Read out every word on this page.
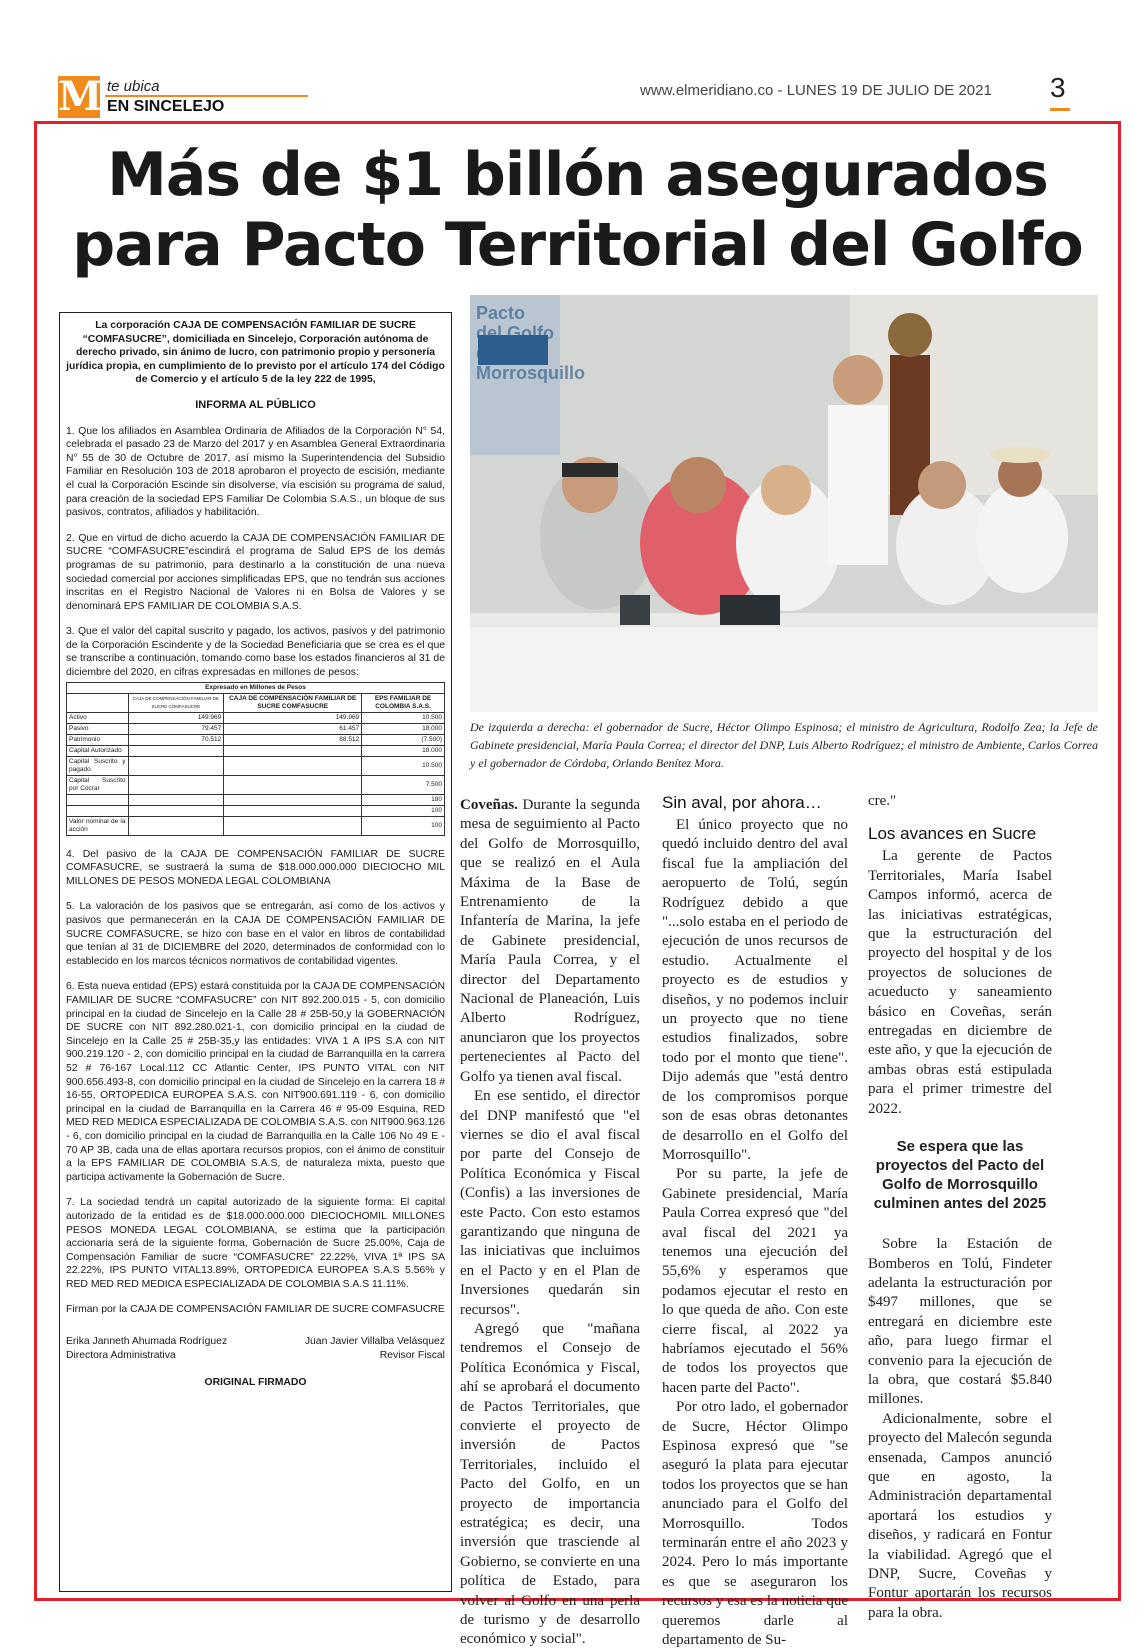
M te ubica
EN SINCELEJO
www.elmeridiano.co - LUNES 19 DE JULIO DE 2021 3
Más de $1 billón asegurados
para Pacto Territorial del Golfo

La corporación CAJA DE COMPENSACIÓN FAMILIAR DE SUCRE “COMFASUCRE”, domiciliada en Sincelejo, Corporación autónoma de derecho privado, sin ánimo de lucro, con patrimonio propio y personería jurídica propia, en cumplimiento de lo previsto por el artículo 174 del Código de Comercio y el artículo 5 de la ley 222 de 1995,

INFORMA AL PÚBLICO

1. Que los afiliados en Asamblea Ordinaria de Afiliados de la Corporación N° 54, celebrada el pasado 23 de Marzo del 2017 y en Asamblea General Extraordinaria N° 55 de 30 de Octubre de 2017, así mismo la Superintendencia del Subsidio Familiar en Resolución 103 de 2018 aprobaron el proyecto de escisión, mediante el cual la Corporación Escinde sin disolverse, vía escisión su programa de salud, para creación de la sociedad EPS Familiar De Colombia S.A.S., un bloque de sus pasivos, contratos, afiliados y habilitación.

2. Que en virtud de dicho acuerdo la CAJA DE COMPENSACIÓN FAMILIAR DE SUCRE “COMFASUCRE”escindirá el programa de Salud EPS de los demás programas de su patrimonio, para destinarlo a la constitución de una nueva sociedad comercial por acciones simplificadas EPS, que no tendrán sus acciones inscritas en el Registro Nacional de Valores ni en Bolsa de Valores y se denominará EPS FAMILIAR DE COLOMBIA S.A.S.

3. Que el valor del capital suscrito y pagado, los activos, pasivos y del patrimonio de la Corporación Escindente y de la Sociedad Beneficiaria que se crea es el que se transcribe a continuación, tomando como base los estados financieros al 31 de diciembre del 2020, en cifras expresadas en millones de pesos:

Expresado en Millones de Pesos			
	CAJA DE COMPENSACIÓN FAMILIAR DE SUCRE COMFASUCRE	CAJA DE COMPENSACIÓN FAMILIAR DE SUCRE COMFASUCRE	EPS FAMILIAR DE COLOMBIA S.A.S.
Activo	149.969	149.969	10.500
Pasivo	79.457	61.457	18.000
Patrimonio	70.512	88.512	(7.500)
Capital Autorizado			18.000
Capital Suscrito y pagado			10.500
Capital Suscrito por Cocrar			7.500
			180
			100
Valor nominal de la acción			100

4. Del pasivo de la CAJA DE COMPENSACIÓN FAMILIAR DE SUCRE COMFASUCRE, se sustraerá la suma de $18.000.000.000 DIECIOCHO MIL MILLONES DE PESOS MONEDA LEGAL COLOMBIANA

5. La valoración de los pasivos que se entregarán, así como de los activos y pasivos que permanecerán en la CAJA DE COMPENSACIÓN FAMILIAR DE SUCRE COMFASUCRE, se hizo con base en el valor en libros de contabilidad que tenían al 31 de DICIEMBRE del 2020, determinados de conformidad con lo establecido en los marcos técnicos normativos de contabilidad vigentes.

6. Esta nueva entidad (EPS) estará constituida por la CAJA DE COMPENSACIÓN FAMILIAR DE SUCRE “COMFASUCRE” con NIT 892.200.015 - 5, con domicilio principal en la ciudad de Sincelejo en la Calle 28 # 25B-50,y la GOBERNACIÓN DE SUCRE con NIT 892.280.021-1, con domicilio principal en la ciudad de Sincelejo en la Calle 25 # 25B-35,y las entidades: VIVA 1 A IPS S.A con NIT 900.219.120 - 2, con domicilio principal en la ciudad de Barranquilla en la carrera 52 # 76-167 Local.112 CC Atlantic Center, IPS PUNTO VITAL con NIT 900.656.493-8, con domicilio principal en la ciudad de Sincelejo en la carrera 18 # 16-55, ORTOPEDICA EUROPEA S.A.S. con NIT900.691.119 - 6, con domicilio principal en la ciudad de Barranquilla en la Carrera 46 # 95-09 Esquina, RED MED RED MEDICA ESPECIALIZADA DE COLOMBIA S.A.S. con NIT900.963.126 - 6, con domicilio principal en la ciudad de Barranquilla en la Calle 106 No 49 E - 70 AP 3B, cada una de ellas aportara recursos propios, con el ánimo de constituir a la EPS FAMILIAR DE COLOMBIA S.A.S, de naturaleza mixta, puesto que participa activamente la Gobernación de Sucre.

7. La sociedad tendrá un capital autorizado de la siguiente forma: El capital autorizado de la entidad es de $18.000.000.000 DIECIOCHOMIL MILLONES PESOS MONEDA LEGAL COLOMBIANA, se estima que la participación accionaria será de la siguiente forma, Gobernación de Sucre 25.00%, Caja de Compensación Familiar de sucre “COMFASUCRE” 22.22%, VIVA 1ª IPS SA 22.22%, IPS PUNTO VITAL13.89%, ORTOPEDICA EUROPEA S.A.S 5.56% y RED MED RED MEDICA ESPECIALIZADA DE COLOMBIA S.A.S 11.11%.

Firman por la CAJA DE COMPENSACIÓN FAMILIAR DE SUCRE COMFASUCRE

Erika Janneth Ahumada Rodríguez
Directora Administrativa
Juan Javier Villalba Velásquez
Revisor Fiscal

ORIGINAL FIRMADO

Pacto del Golfo de Morrosquillo
De izquierda a derecha: el gobernador de Sucre, Héctor Olimpo Espinosa; el ministro de Agricultura, Rodolfo Zea; la Jefe de Gabinete presidencial, María Paula Correa; el director del DNP, Luis Alberto Rodríguez; el ministro de Ambiente, Carlos Correa y el gobernador de Córdoba, Orlando Benítez Mora.

Coveñas. Durante la segunda mesa de seguimiento al Pacto del Golfo de Morrosquillo, que se realizó en el Aula Máxima de la Base de Entrenamiento de la Infantería de Marina, la jefe de Gabinete presidencial, María Paula Correa, y el director del Departamento Nacional de Planeación, Luis Alberto Rodríguez, anunciaron que los proyectos pertenecientes al Pacto del Golfo ya tienen aval fiscal.

En ese sentido, el director del DNP manifestó que "el viernes se dio el aval fiscal por parte del Consejo de Política Económica y Fiscal (Confis) a las inversiones de este Pacto. Con esto estamos garantizando que ninguna de las iniciativas que incluimos en el Pacto y en el Plan de Inversiones quedarán sin recursos".

Agregó que "mañana tendremos el Consejo de Política Económica y Fiscal, ahí se aprobará el documento de Pactos Territoriales, que convierte el proyecto de inversión de Pactos Territoriales, incluido el Pacto del Golfo, en un proyecto de importancia estratégica; es decir, una inversión que trasciende al Gobierno, se convierte en una política de Estado, para volver al Golfo en una perla de turismo y de desarrollo económico y social".

Sin aval, por ahora…

El único proyecto que no quedó incluido dentro del aval fiscal fue la ampliación del aeropuerto de Tolú, según Rodríguez debido a que "...solo estaba en el periodo de ejecución de unos recursos de estudio. Actualmente el proyecto es de estudios y diseños, y no podemos incluir un proyecto que no tiene estudios finalizados, sobre todo por el monto que tiene". Dijo además que "está dentro de los compromisos porque son de esas obras detonantes de desarrollo en el Golfo del Morrosquillo".

Por su parte, la jefe de Gabinete presidencial, María Paula Correa expresó que "del aval fiscal del 2021 ya tenemos una ejecución del 55,6% y esperamos que podamos ejecutar el resto en lo que queda de año. Con este cierre fiscal, al 2022 ya habríamos ejecutado el 56% de todos los proyectos que hacen parte del Pacto".

Por otro lado, el gobernador de Sucre, Héctor Olimpo Espinosa expresó que "se aseguró la plata para ejecutar todos los proyectos que se han anunciado para el Golfo del Morrosquillo. Todos terminarán entre el año 2023 y 2024. Pero lo más importante es que se aseguraron los recursos y esa es la noticia que queremos darle al departamento de Su-

cre."

Los avances en Sucre

La gerente de Pactos Territoriales, María Isabel Campos informó, acerca de las iniciativas estratégicas, que la estructuración del proyecto del hospital y de los proyectos de soluciones de acueducto y saneamiento básico en Coveñas, serán entregadas en diciembre de este año, y que la ejecución de ambas obras está estipulada para el primer trimestre del 2022.

Se espera que las proyectos del Pacto del Golfo de Morrosquillo culminen antes del 2025

Sobre la Estación de Bomberos en Tolú, Findeter adelanta la estructuración por $497 millones, que se entregará en diciembre este año, para luego firmar el convenio para la ejecución de la obra, que costará $5.840 millones.

Adicionalmente, sobre el proyecto del Malecón segunda ensenada, Campos anunció que en agosto, la Administración departamental aportará los estudios y diseños, y radicará en Fontur la viabilidad. Agregó que el DNP, Sucre, Coveñas y Fontur aportarán los recursos para la obra.
